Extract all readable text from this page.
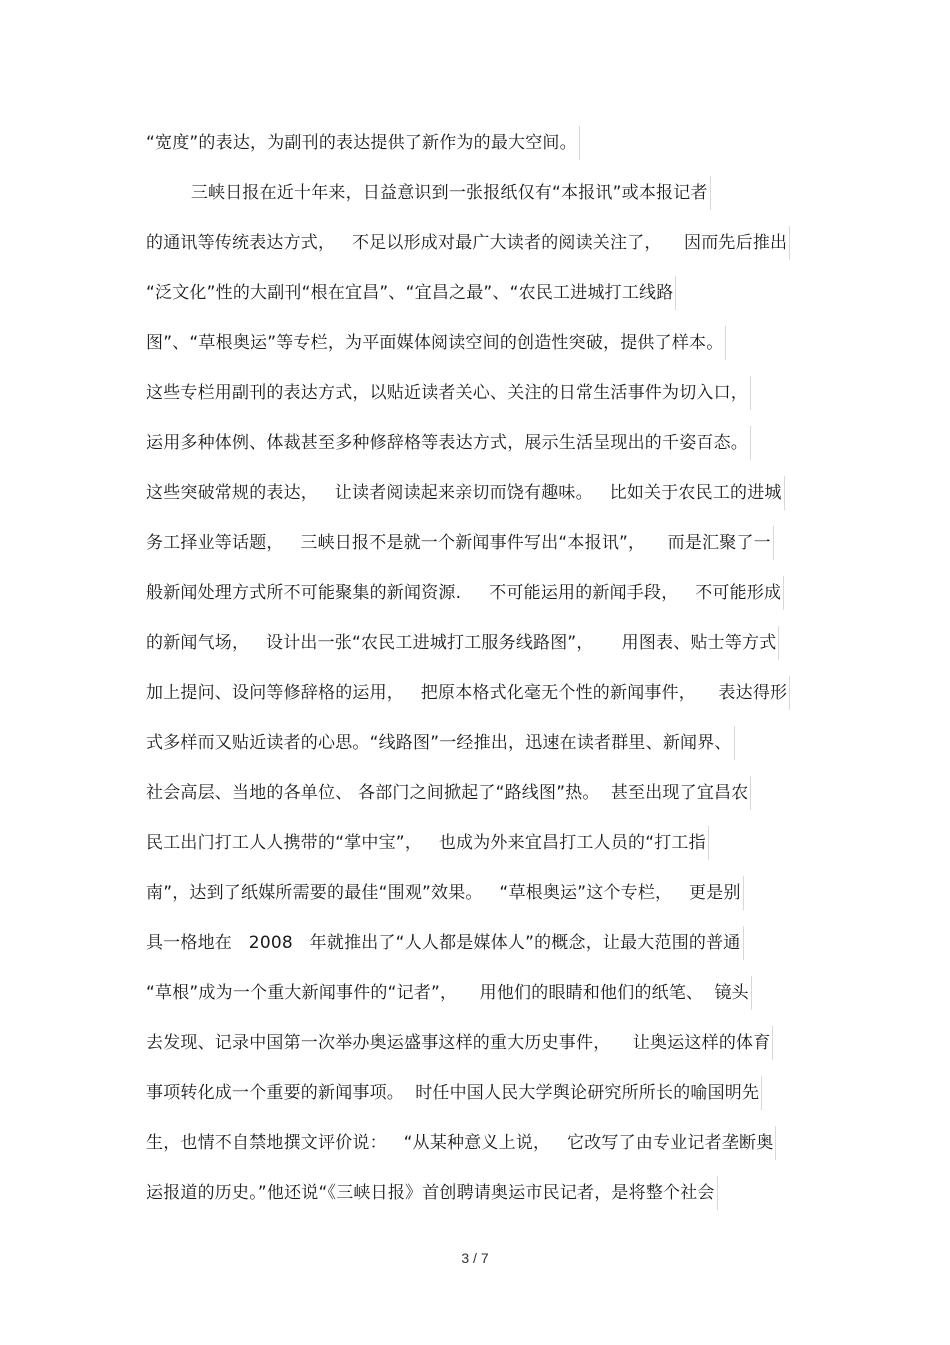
“宽度”的表达，为副刊的表达提供了新作为的最大空间。
三峡日报在近十年来，日益意识到一张报纸仅有“本报讯”或本报记者
的通讯等传统表达方式，   不足以形成对最广大读者的阅读关注了，    因而先后推出
“泛文化”性的大副刊“根在宜昌”、“宜昌之最”、“农民工进城打工线路
图”、“草根奥运”等专栏，为平面媒体阅读空间的创造性突破，提供了样本。
这些专栏用副刊的表达方式，以贴近读者关心、关注的日常生活事件为切入口，
运用多种体例、体裁甚至多种修辞格等表达方式，展示生活呈现出的千姿百态。
这些突破常规的表达，   让读者阅读起来亲切而饶有趣味。   比如关于农民工的进城
务工择业等话题，   三峡日报不是就一个新闻事件写出“本报讯”，    而是汇聚了一
般新闻处理方式所不可能聚集的新闻资源.     不可能运用的新闻手段，   不可能形成
的新闻气场，   设计出一张“农民工进城打工服务线路图”，     用图表、贴士等方式
加上提问、设问等修辞格的运用，   把原本格式化毫无个性的新闻事件，    表达得形
式多样而又贴近读者的心思。“线路图”一经推出，迅速在读者群里、新闻界、
社会高层、当地的各单位、 各部门之间掀起了“路线图”热。  甚至出现了宜昌农
民工出门打工人人携带的“掌中宝”，   也成为外来宜昌打工人员的“打工指
南”，达到了纸媒所需要的最佳“围观”效果。   “草根奥运”这个专栏，   更是别
具一格地在   2008   年就推出了“人人都是媒体人”的概念，让最大范围的普通
“草根”成为一个重大新闻事件的“记者”，    用他们的眼睛和他们的纸笔、  镜头
去发现、记录中国第一次举办奥运盛事这样的重大历史事件，    让奥运这样的体育
事项转化成一个重要的新闻事项。  时任中国人民大学舆论研究所所长的喻国明先
生，也情不自禁地撰文评价说：   “从某种意义上说，   它改写了由专业记者垄断奥
运报道的历史。”他还说“《三峡日报》首创聘请奥运市民记者，是将整个社会
3 / 7
